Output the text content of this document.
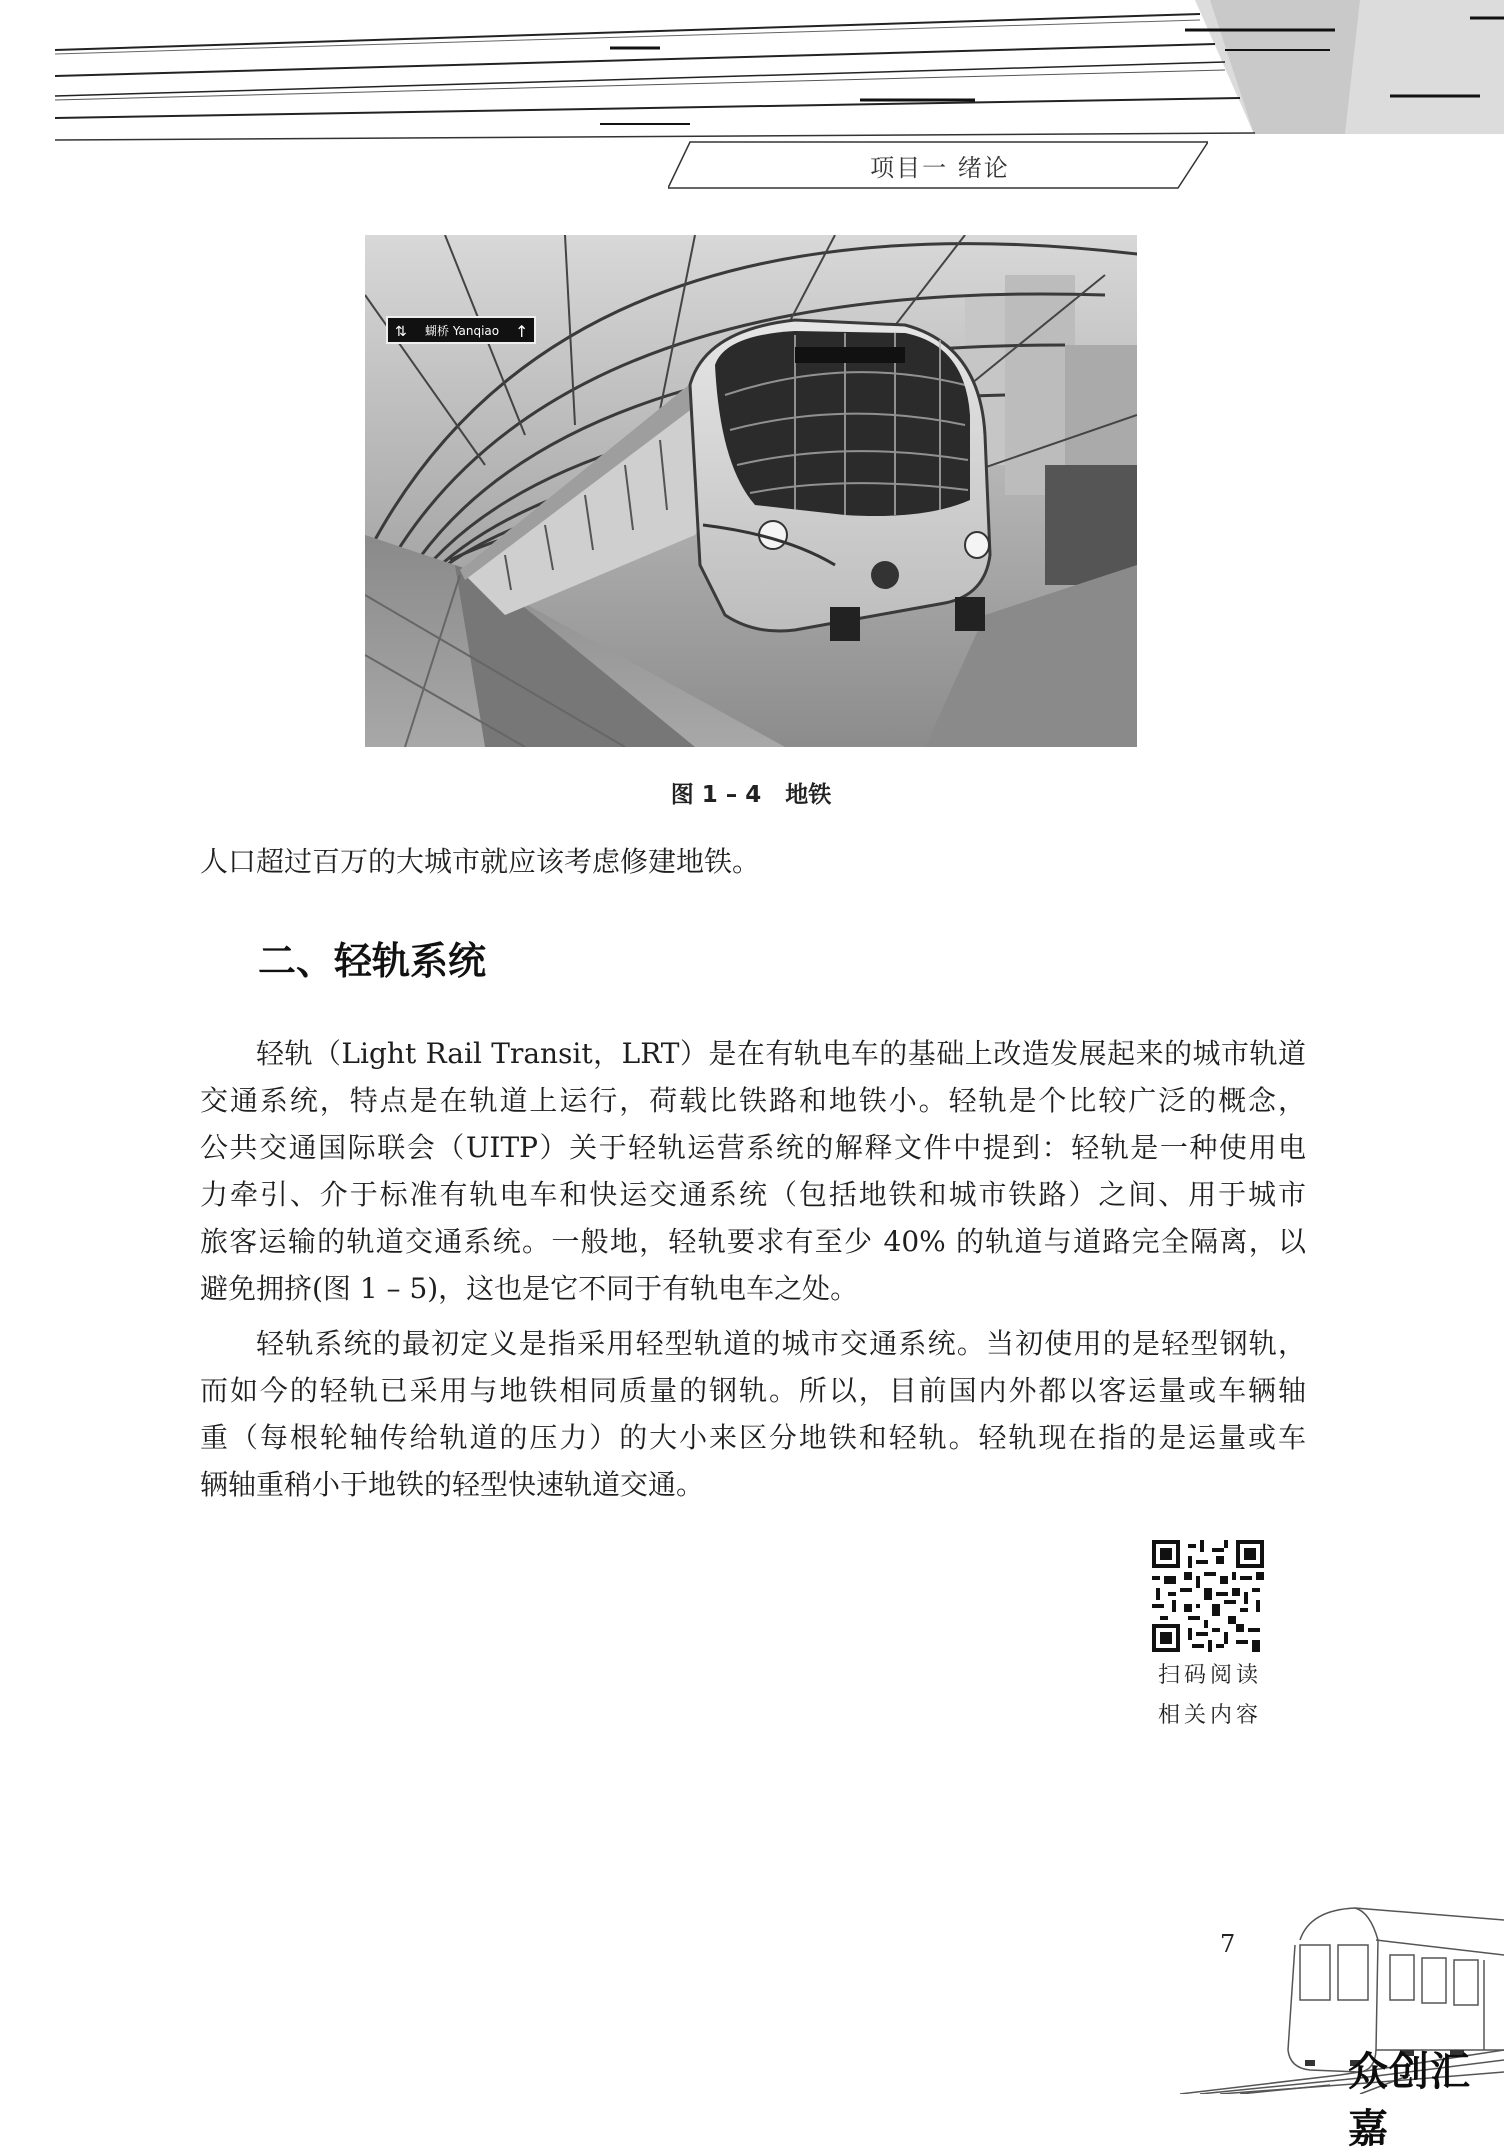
项目一 绪论
蝴桥 Yanqiao
⇅	↑
图 1 – 4 地铁
人口超过百万的大城市就应该考虑修建地铁。
二、轻轨系统
轻轨（Light Rail Transit，LRT）是在有轨电车的基础上改造发展起来的城市轨道
交通系统，特点是在轨道上运行，荷载比铁路和地铁小。轻轨是个比较广泛的概念，
公共交通国际联会（UITP）关于轻轨运营系统的解释文件中提到：轻轨是一种使用电
力牵引、介于标准有轨电车和快运交通系统（包括地铁和城市铁路）之间、用于城市
旅客运输的轨道交通系统。一般地，轻轨要求有至少 40% 的轨道与道路完全隔离，以
避免拥挤(图 1 – 5)，这也是它不同于有轨电车之处。
轻轨系统的最初定义是指采用轻型轨道的城市交通系统。当初使用的是轻型钢轨，
而如今的轻轨已采用与地铁相同质量的钢轨。所以，目前国内外都以客运量或车辆轴
重（每根轮轴传给轨道的压力）的大小来区分地铁和轻轨。轻轨现在指的是运量或车
辆轴重稍小于地铁的轻型快速轨道交通。
扫码阅读
相关内容
7
众创汇嘉
